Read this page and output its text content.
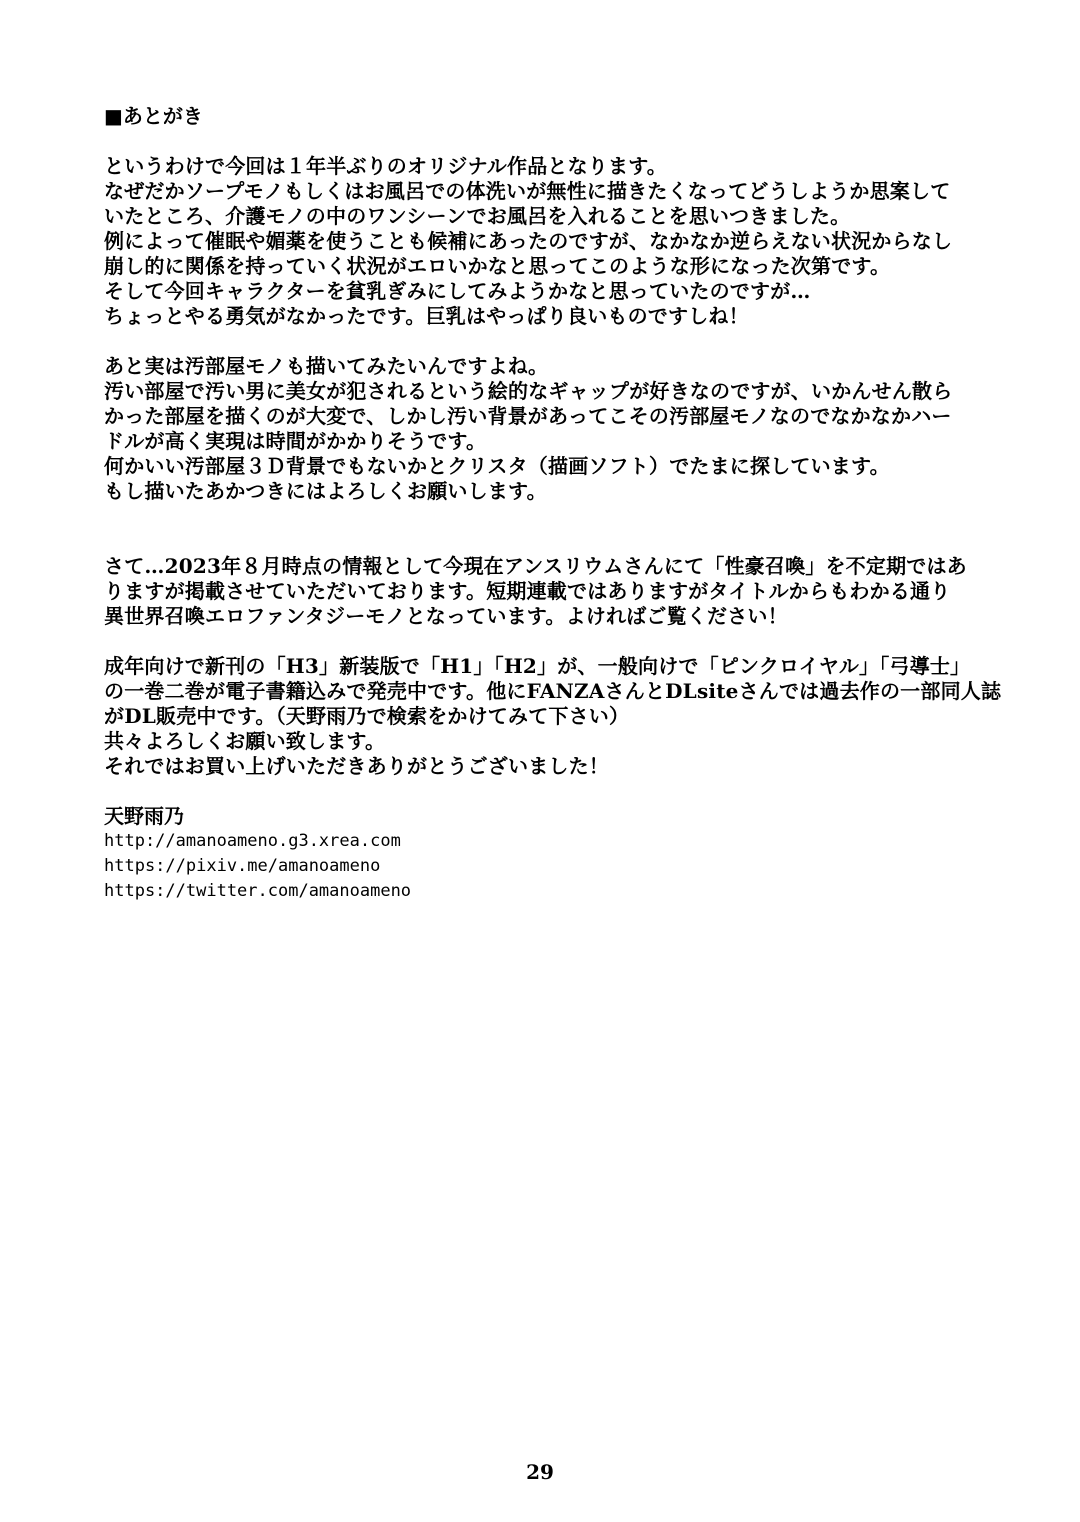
■あとがき
というわけで今回は１年半ぶりのオリジナル作品となります。
なぜだかソープモノもしくはお風呂での体洗いが無性に描きたくなってどうしようか思案して
いたところ、介護モノの中のワンシーンでお風呂を入れることを思いつきました。
例によって催眠や媚薬を使うことも候補にあったのですが、なかなか逆らえない状況からなし
崩し的に関係を持っていく状況がエロいかなと思ってこのような形になった次第です。
そして今回キャラクターを貧乳ぎみにしてみようかなと思っていたのですが…
ちょっとやる勇気がなかったです。巨乳はやっぱり良いものですしね！
あと実は汚部屋モノも描いてみたいんですよね。
汚い部屋で汚い男に美女が犯されるという絵的なギャップが好きなのですが、いかんせん散ら
かった部屋を描くのが大変で、しかし汚い背景があってこその汚部屋モノなのでなかなかハー
ドルが高く実現は時間がかかりそうです。
何かいい汚部屋３Ｄ背景でもないかとクリスタ（描画ソフト）でたまに探しています。
もし描いたあかつきにはよろしくお願いします。
さて…2023年８月時点の情報として今現在アンスリウムさんにて「性豪召喚」を不定期ではあ
りますが掲載させていただいております。短期連載ではありますがタイトルからもわかる通り
異世界召喚エロファンタジーモノとなっています。よければご覧ください！
成年向けで新刊の「H3」新装版で「H1」「H2」が、一般向けで「ピンクロイヤル」「弓導士」
の一巻二巻が電子書籍込みで発売中です。他にFANZAさんとDLsiteさんでは過去作の一部同人誌
がDL販売中です。（天野雨乃で検索をかけてみて下さい）
共々よろしくお願い致します。
それではお買い上げいただきありがとうございました！
天野雨乃
http://amanoameno.g3.xrea.com
https://pixiv.me/amanoameno
https://twitter.com/amanoameno
29
